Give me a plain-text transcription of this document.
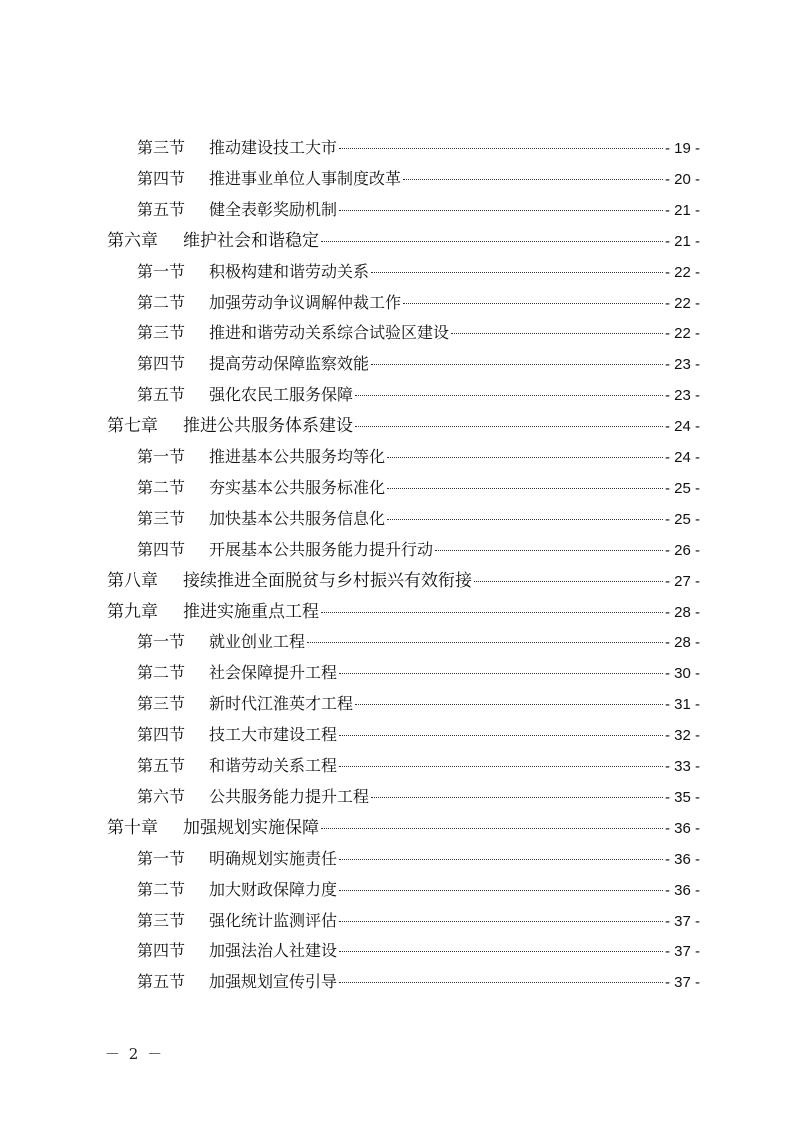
第三节 推动建设技工大市	- 19 -
第四节 推进事业单位人事制度改革	- 20 -
第五节 健全表彰奖励机制	- 21 -
第六章 维护社会和谐稳定	- 21 -
第一节 积极构建和谐劳动关系	- 22 -
第二节 加强劳动争议调解仲裁工作	- 22 -
第三节 推进和谐劳动关系综合试验区建设	- 22 -
第四节 提高劳动保障监察效能	- 23 -
第五节 强化农民工服务保障	- 23 -
第七章 推进公共服务体系建设	- 24 -
第一节 推进基本公共服务均等化	- 24 -
第二节 夯实基本公共服务标准化	- 25 -
第三节 加快基本公共服务信息化	- 25 -
第四节 开展基本公共服务能力提升行动	- 26 -
第八章 接续推进全面脱贫与乡村振兴有效衔接	- 27 -
第九章 推进实施重点工程	- 28 -
第一节 就业创业工程	- 28 -
第二节 社会保障提升工程	- 30 -
第三节 新时代江淮英才工程	- 31 -
第四节 技工大市建设工程	- 32 -
第五节 和谐劳动关系工程	- 33 -
第六节 公共服务能力提升工程	- 35 -
第十章 加强规划实施保障	- 36 -
第一节 明确规划实施责任	- 36 -
第二节 加大财政保障力度	- 36 -
第三节 强化统计监测评估	- 37 -
第四节 加强法治人社建设	- 37 -
第五节 加强规划宣传引导	- 37 -
－ 2 －
